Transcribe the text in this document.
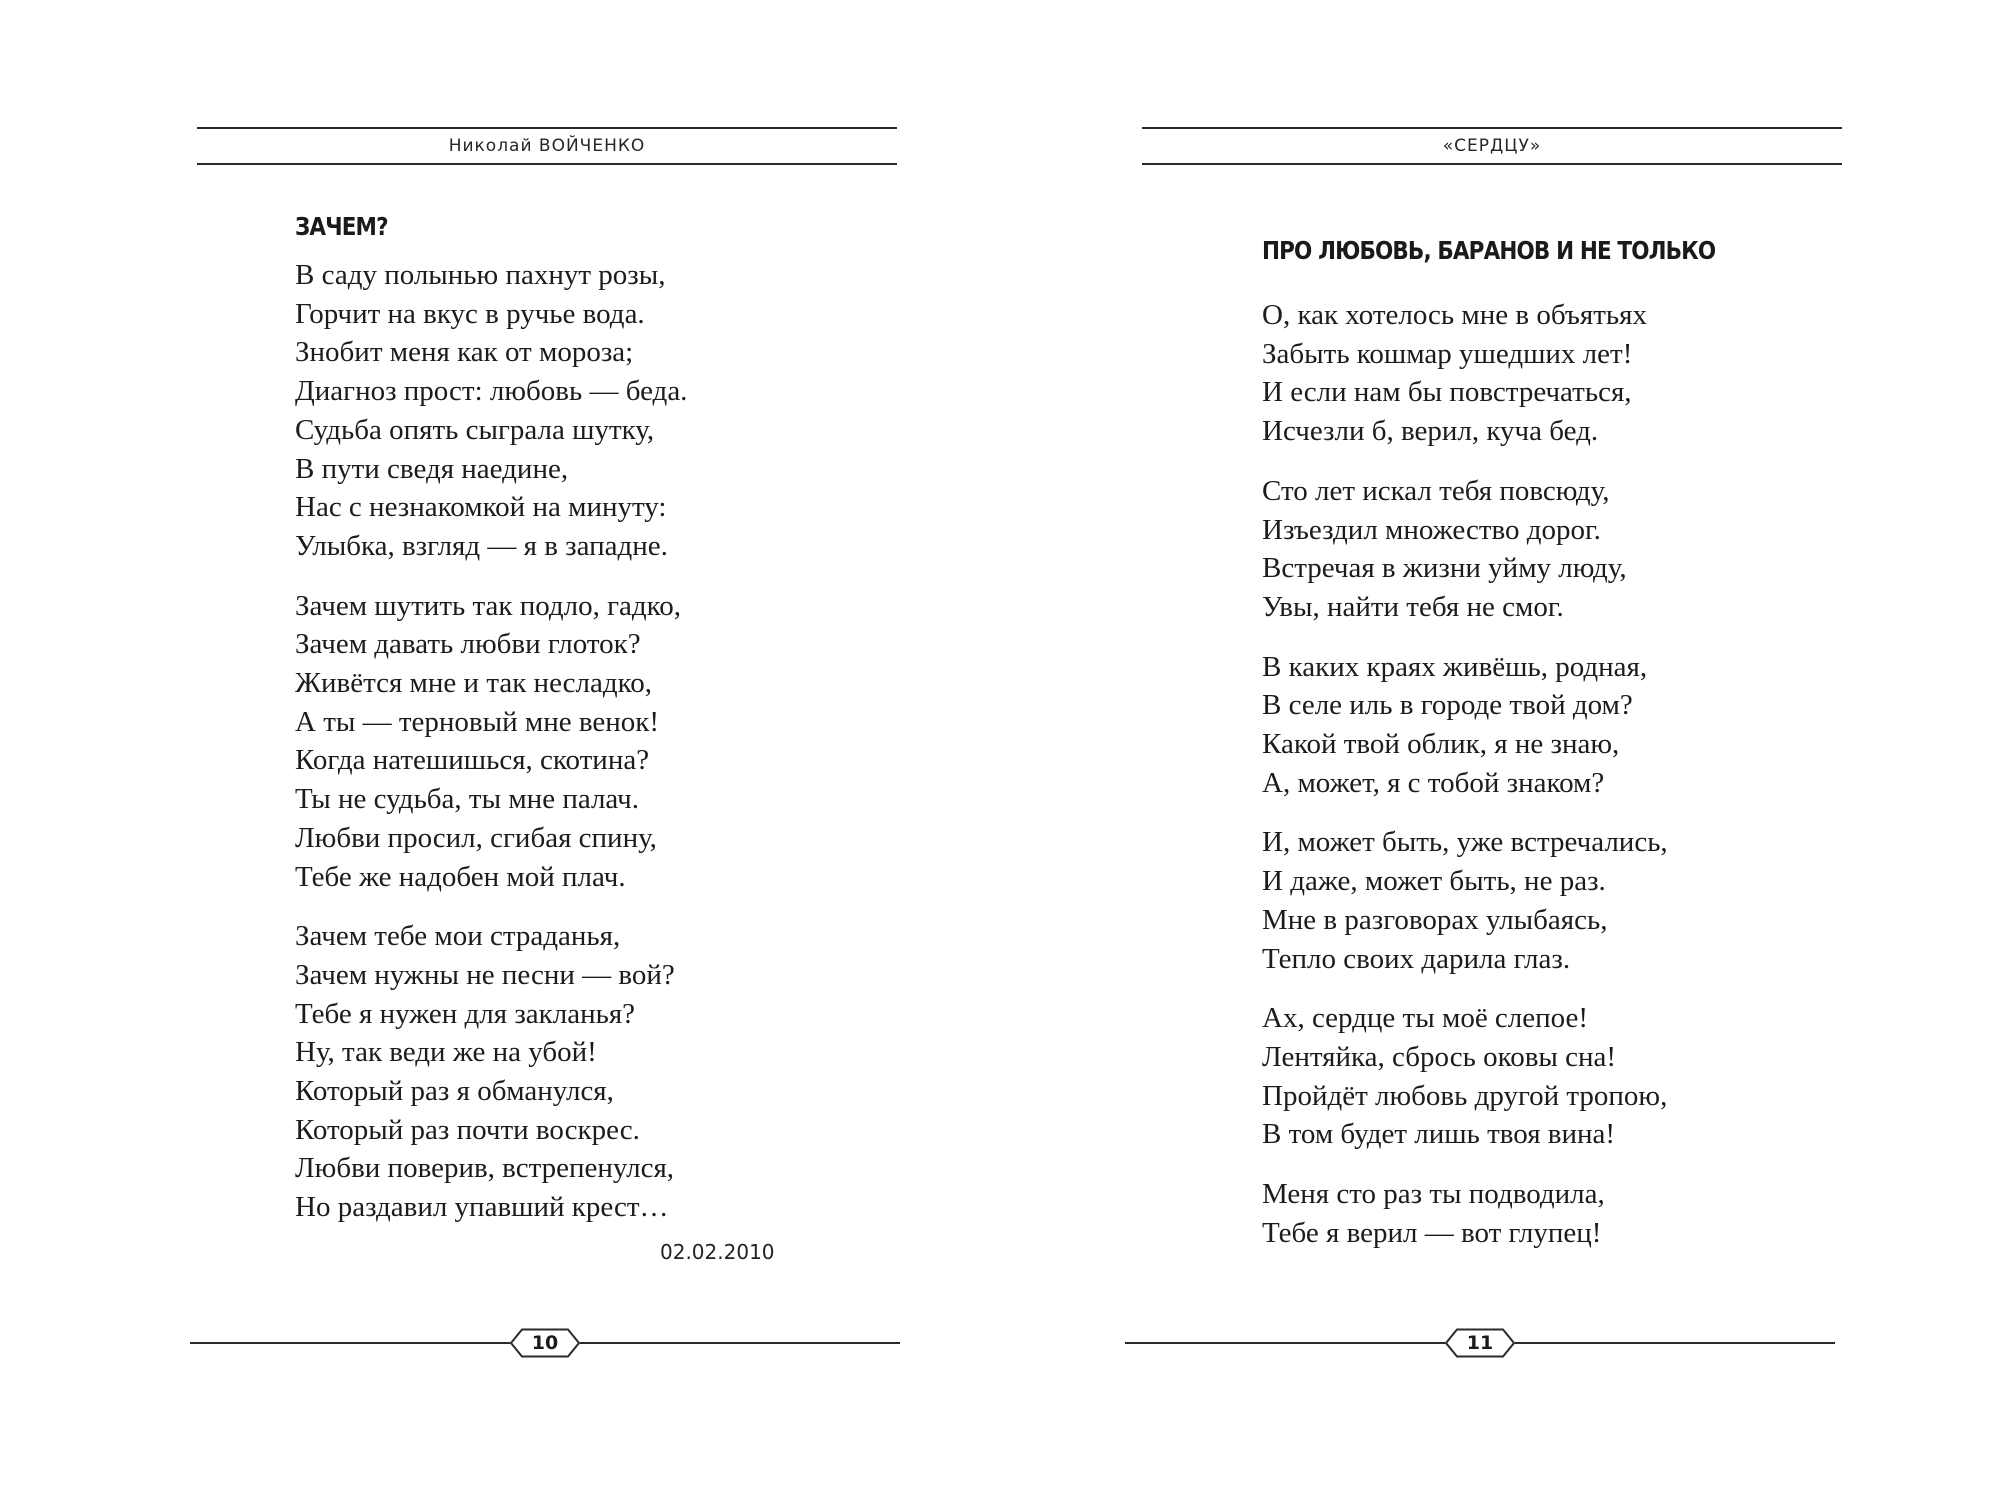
Николай ВОЙЧЕНКО
ЗАЧЕМ?
В саду полынью пахнут розы,
Горчит на вкус в ручье вода.
Знобит меня как от мороза;
Диагноз прост: любовь — беда.
Судьба опять сыграла шутку,
В пути сведя наедине,
Нас с незнакомкой на минуту:
Улыбка, взгляд — я в западне.
Зачем шутить так подло, гадко,
Зачем давать любви глоток?
Живётся мне и так несладко,
А ты — терновый мне венок!
Когда натешишься, скотина?
Ты не судьба, ты мне палач.
Любви просил, сгибая спину,
Тебе же надобен мой плач.
Зачем тебе мои страданья,
Зачем нужны не песни — вой?
Тебе я нужен для закланья?
Ну, так веди же на убой!
Который раз я обманулся,
Который раз почти воскрес.
Любви поверив, встрепенулся,
Но раздавил упавший крест…
02.02.2010
10
«СЕРДЦУ»
ПРО ЛЮБОВЬ, БАРАНОВ И НЕ ТОЛЬКО
О, как хотелось мне в объятьях
Забыть кошмар ушедших лет!
И если нам бы повстречаться,
Исчезли б, верил, куча бед.
Сто лет искал тебя повсюду,
Изъездил множество дорог.
Встречая в жизни уйму люду,
Увы, найти тебя не смог.
В каких краях живёшь, родная,
В селе иль в городе твой дом?
Какой твой облик, я не знаю,
А, может, я с тобой знаком?
И, может быть, уже встречались,
И даже, может быть, не раз.
Мне в разговорах улыбаясь,
Тепло своих дарила глаз.
Ах, сердце ты моё слепое!
Лентяйка, сбрось оковы сна!
Пройдёт любовь другой тропою,
В том будет лишь твоя вина!
Меня сто раз ты подводила,
Тебе я верил — вот глупец!
11
